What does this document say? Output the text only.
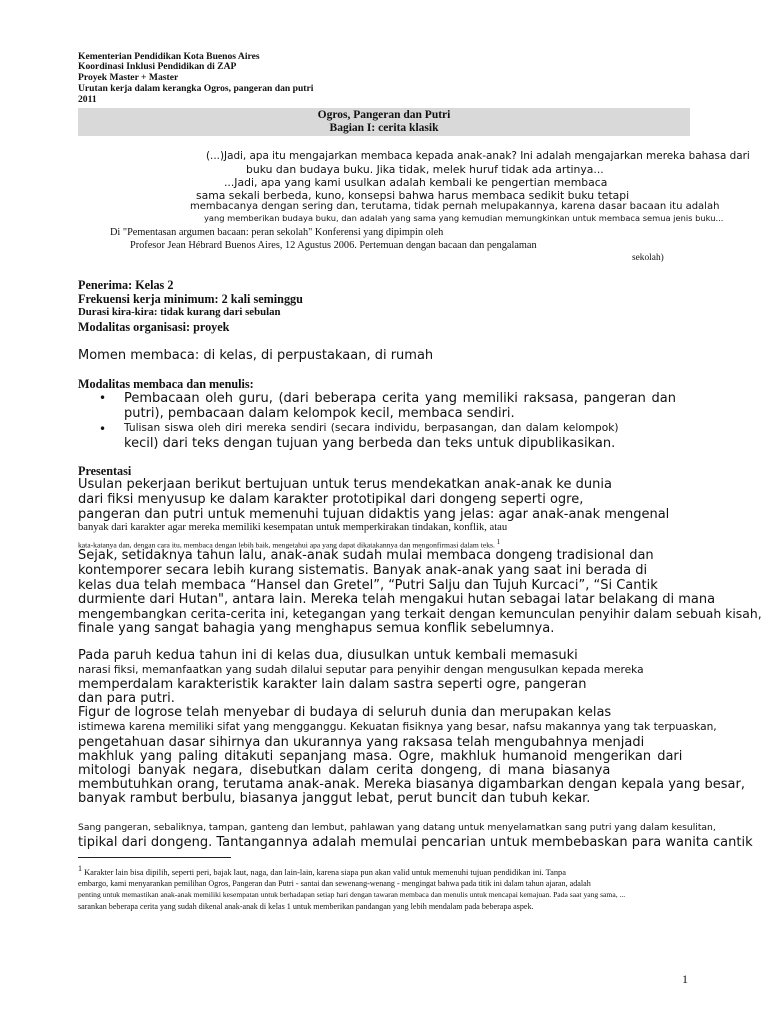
Kementerian Pendidikan Kota Buenos Aires
Koordinasi Inklusi Pendidikan di ZAP
Proyek Master + Master
Urutan kerja dalam kerangka Ogros, pangeran dan putri
2011
Ogros, Pangeran dan Putri
Bagian I: cerita klasik
(...)Jadi, apa itu mengajarkan membaca kepada anak-anak? Ini adalah mengajarkan mereka bahasa dari
buku dan budaya buku. Jika tidak, melek huruf tidak ada artinya...
...Jadi, apa yang kami usulkan adalah kembali ke pengertian membaca
sama sekali berbeda, kuno, konsepsi bahwa harus membaca sedikit buku tetapi
membacanya dengan sering dan, terutama, tidak pernah melupakannya, karena dasar bacaan itu adalah
yang memberikan budaya buku, dan adalah yang sama yang kemudian memungkinkan untuk membaca semua jenis buku...
Di "Pementasan argumen bacaan: peran sekolah" Konferensi yang dipimpin oleh
Profesor Jean Hébrard Buenos Aires, 12 Agustus 2006. Pertemuan dengan bacaan dan pengalaman
sekolah)
Penerima: Kelas 2
Frekuensi kerja minimum: 2 kali seminggu
Durasi kira-kira: tidak kurang dari sebulan
Modalitas organisasi: proyek
Momen membaca: di kelas, di perpustakaan, di rumah
Modalitas membaca dan menulis:
• Pembacaan oleh guru, (dari beberapa cerita yang memiliki raksasa, pangeran dan
putri), pembacaan dalam kelompok kecil, membaca sendiri.
• Tulisan siswa oleh diri mereka sendiri (secara individu, berpasangan, dan dalam kelompok)
kecil) dari teks dengan tujuan yang berbeda dan teks untuk dipublikasikan.
Presentasi
Usulan pekerjaan berikut bertujuan untuk terus mendekatkan anak-anak ke dunia
dari fiksi menyusup ke dalam karakter prototipikal dari dongeng seperti ogre,
pangeran dan putri untuk memenuhi tujuan didaktis yang jelas: agar anak-anak mengenal
banyak dari karakter agar mereka memiliki kesempatan untuk memperkirakan tindakan, konflik, atau
kata-katanya dan, dengan cara itu, membaca dengan lebih baik, mengetahui apa yang dapat dikatakannya dan mengonfirmasi dalam teks. $^1$
Sejak, setidaknya tahun lalu, anak-anak sudah mulai membaca dongeng tradisional dan
kontemporer secara lebih kurang sistematis. Banyak anak-anak yang saat ini berada di
kelas dua telah membaca “Hansel dan Gretel”, “Putri Salju dan Tujuh Kurcaci”, “Si Cantik
durmiente dari Hutan", antara lain. Mereka telah mengakui hutan sebagai latar belakang di mana
mengembangkan cerita-cerita ini, ketegangan yang terkait dengan kemunculan penyihir dalam sebuah kisah,
finale yang sangat bahagia yang menghapus semua konflik sebelumnya.
Pada paruh kedua tahun ini di kelas dua, diusulkan untuk kembali memasuki
narasi fiksi, memanfaatkan yang sudah dilalui seputar para penyihir dengan mengusulkan kepada mereka
memperdalam karakteristik karakter lain dalam sastra seperti ogre, pangeran
dan para putri.
Figur de logrose telah menyebar di budaya di seluruh dunia dan merupakan kelas
istimewa karena memiliki sifat yang mengganggu. Kekuatan fisiknya yang besar, nafsu makannya yang tak terpuaskan,
pengetahuan dasar sihirnya dan ukurannya yang raksasa telah mengubahnya menjadi
makhluk yang paling ditakuti sepanjang masa. Ogre, makhluk humanoid mengerikan dari
mitologi banyak negara, disebutkan dalam cerita dongeng, di mana biasanya
membutuhkan orang, terutama anak-anak. Mereka biasanya digambarkan dengan kepala yang besar,
banyak rambut berbulu, biasanya janggut lebat, perut buncit dan tubuh kekar.
Sang pangeran, sebaliknya, tampan, ganteng dan lembut, pahlawan yang datang untuk menyelamatkan sang putri yang dalam kesulitan,
tipikal dari dongeng. Tantangannya adalah memulai pencarian untuk membebaskan para wanita cantik
$^1$ Karakter lain bisa dipilih, seperti peri, bajak laut, naga, dan lain-lain, karena siapa pun akan valid untuk memenuhi tujuan pendidikan ini. Tanpa
embargo, kami menyarankan pemilihan Ogros, Pangeran dan Putri - santai dan sewenang-wenang - mengingat bahwa pada titik ini dalam tahun ajaran, adalah
penting untuk memastikan anak-anak memiliki kesempatan untuk berhadapan setiap hari dengan tawaran membaca dan menulis untuk mencapai kemajuan. Pada saat yang sama, ...
sarankan beberapa cerita yang sudah dikenal anak-anak di kelas 1 untuk memberikan pandangan yang lebih mendalam pada beberapa aspek.
1
